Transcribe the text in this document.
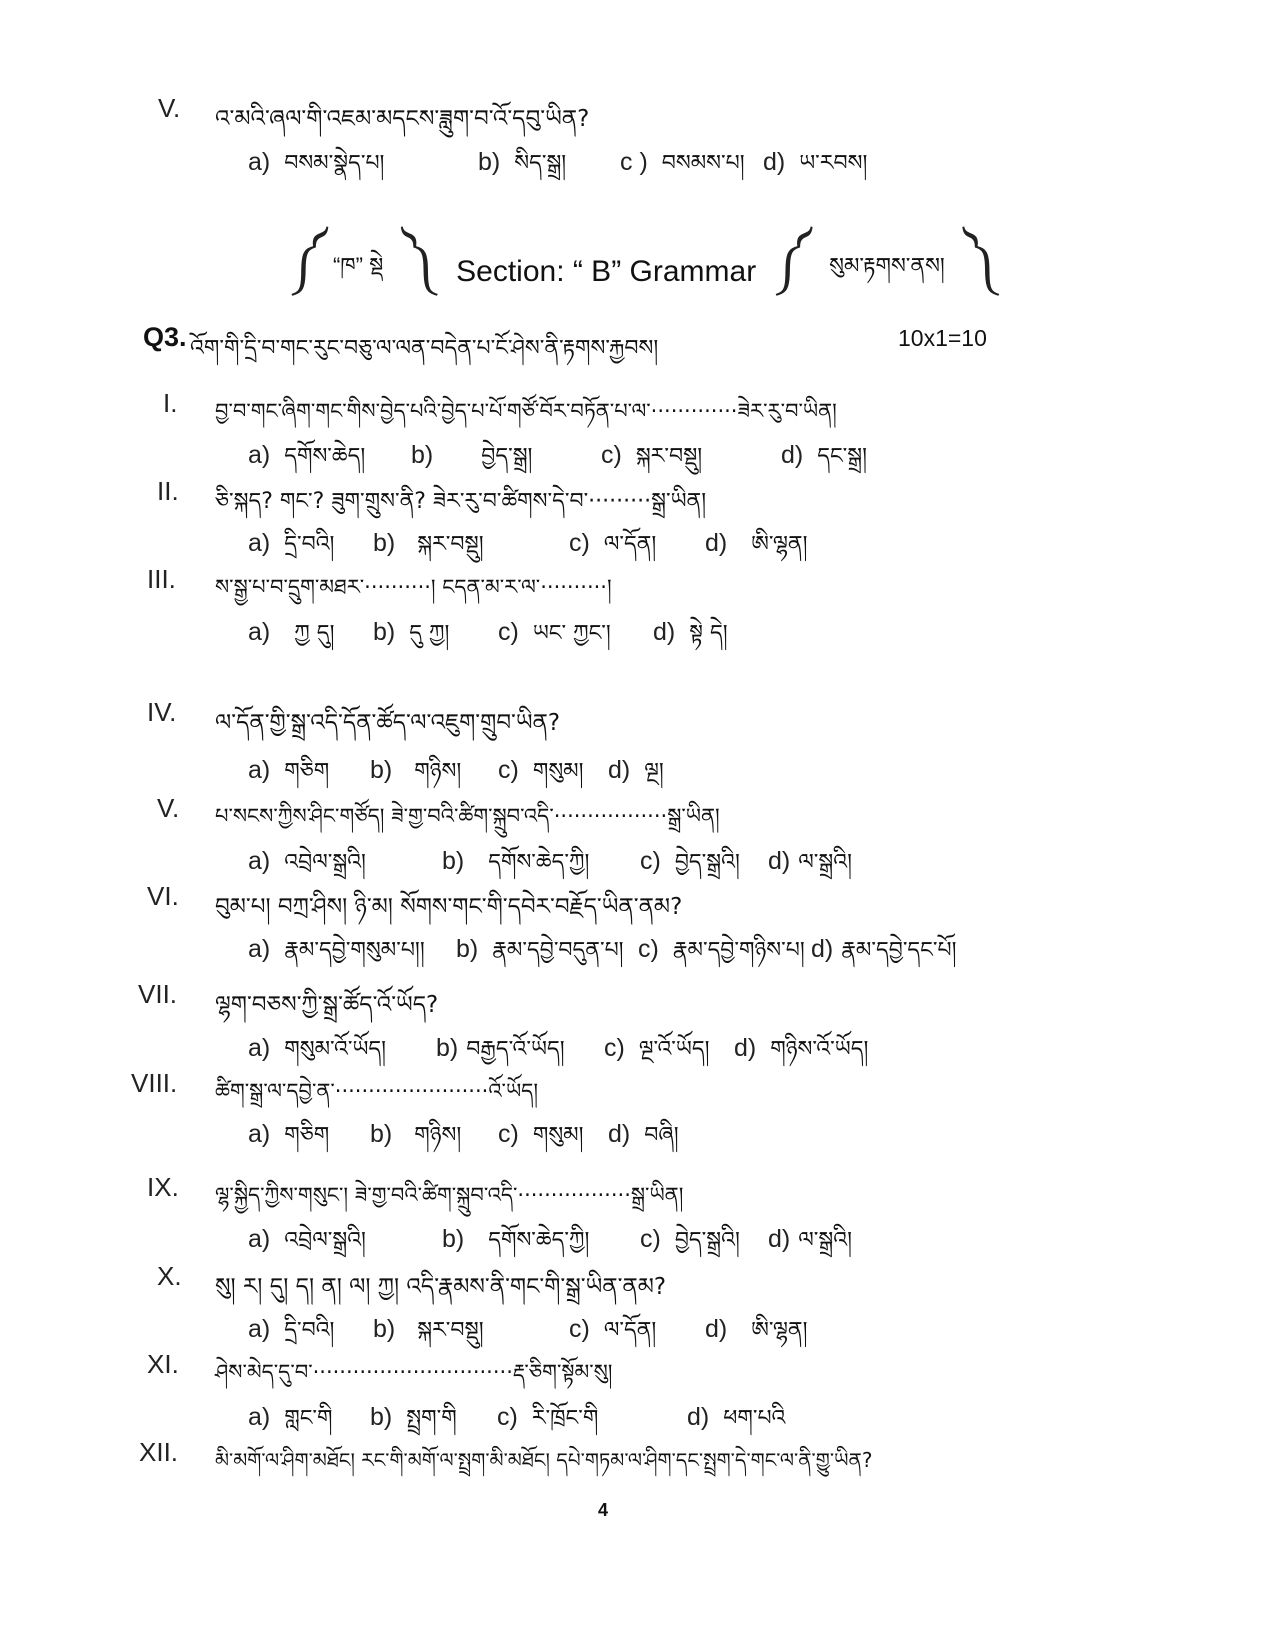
V. འ་མའི་ཞལ་གི་འཇམ་མདངས་ཟླུག་བ་འོ་དབུ་ཡིན?
a) བསམ་སྣེད་པ།	b) སིད་སྒྲ། c ) བསམས་པ། d) ཡ་རབས།
༼ “ཁ” སྡེ ༽ Section: “ B” Grammar ༼ སུམ་རྟགས་ནས། ༽
Q3. འོག་གི་དྲི་བ་གང་རུང་བཅུ་ལ་ལན་བདེན་པ་ངོ་ཤེས་ནི་རྟགས་རྐྱབས།	10x1=10
I. བྱ་བ་གང་ཞིག་གང་གིས་བྱེད་པའི་བྱེད་པ་པོ་གཙོ་བོར་བཏོན་པ་ལ་·············ཟེར་རུ་བ་ཡིན།
a) དགོས་ཆེད། b) བྱེད་སྒྲ།	c) སྐར་བསྡུ།	d) དང་སྒྲ།
II. ཅི་སྐད? གང་? ཟུག་གྲུས་ནི? ཟེར་རུ་བ་ཚིགས་དེ་བ་·········སྒྲ་ཡིན།
a) དྲི་བའི། b) སྐར་བསྡུ།	c) ལ་དོན། d) ཨི་ལྷན།
III. ས་སྒྱ་པ་བ་དྲུག་མཐར་··········། ངདན་མ་ར་ལ་··········།
a) ཀྱ དུ། b) དུ ཀྱ། c) ཡང་ ཀྱང་། d) སྟེ དེ།
IV. ལ་དོན་གྱི་སྒྲ་འདི་དོན་ཚོད་ལ་འཇུག་གྲུབ་ཡིན?
a) གཅིག b) གཉིས། c) གསུམ། d) ལྔ།
V. པ་སངས་ཀྱིས་ཤིང་གཙོད། ཟེ་གྱ་བའི་ཚིག་སྐྲུབ་འདི་·················སྒྲ་ཡིན།
a) འབྲེལ་སྒྲའི།	b) དགོས་ཆེད་ཀྱི། c) བྱེད་སྒྲའི། d) ལ་སྒྲའི།
VI. བུམ་པ། བཀྲ་ཤིས། ཉི་མ། སོགས་གང་གི་དབེར་བརྗོད་ཡིན་ནམ?
a) རྣམ་དབྱེ་གསུམ་པ།། b) རྣམ་དབྱེ་བདུན་པ། c) རྣམ་དབྱེ་གཉིས་པ། d) རྣམ་དབྱེ་དང་པོ།
VII. ལྷག་བཅས་ཀྱི་སྒྲ་ཚོད་འོ་ཡོད?
a) གསུམ་འོ་ཡོད། b) བརྒྱད་འོ་ཡོད། c) ལྔ་འོ་ཡོད། d) གཉིས་འོ་ཡོད།
VIII. ཚིག་སྒྲ་ལ་དབྱེ་ན་·······················འོ་ཡོད།
a) གཅིག b) གཉིས། c) གསུམ། d) བཞི།
IX. ལྷ་སྐྱིད་ཀྱིས་གསུང་། ཟེ་གྱ་བའི་ཚིག་སྐྲུབ་འདི་·················སྒྲ་ཡིན།
a) འབྲེལ་སྒྲའི།	b) དགོས་ཆེད་ཀྱི། c) བྱེད་སྒྲའི། d) ལ་སྒྲའི།
X. སུ། ར། དུ། ད། ན། ལ། ཀྱ། འདི་རྣམས་ནི་གང་གི་སྒྲ་ཡིན་ནམ?
a) དྲི་བའི། b) སྐར་བསྡུ།	c) ལ་དོན། d) ཨི་ལྷན།
XI. ཤེས་མེད་དུ་བ་······························རྡ་ཅིག་སྟོམ་སུ།
a) གླང་གི b) སྤྲག་གི c) རི་ཁྲོང་གི	d) ཕག་པའི
XII. མི་མགོ་ལ་ཤིག་མཐོང། རང་གི་མགོ་ལ་སྤྲག་མི་མཐོང། དཔེ་གཏམ་ལ་ཤིག་དང་སྤྲག་དེ་གང་ལ་ནི་གྱུ་ཡིན?
4
